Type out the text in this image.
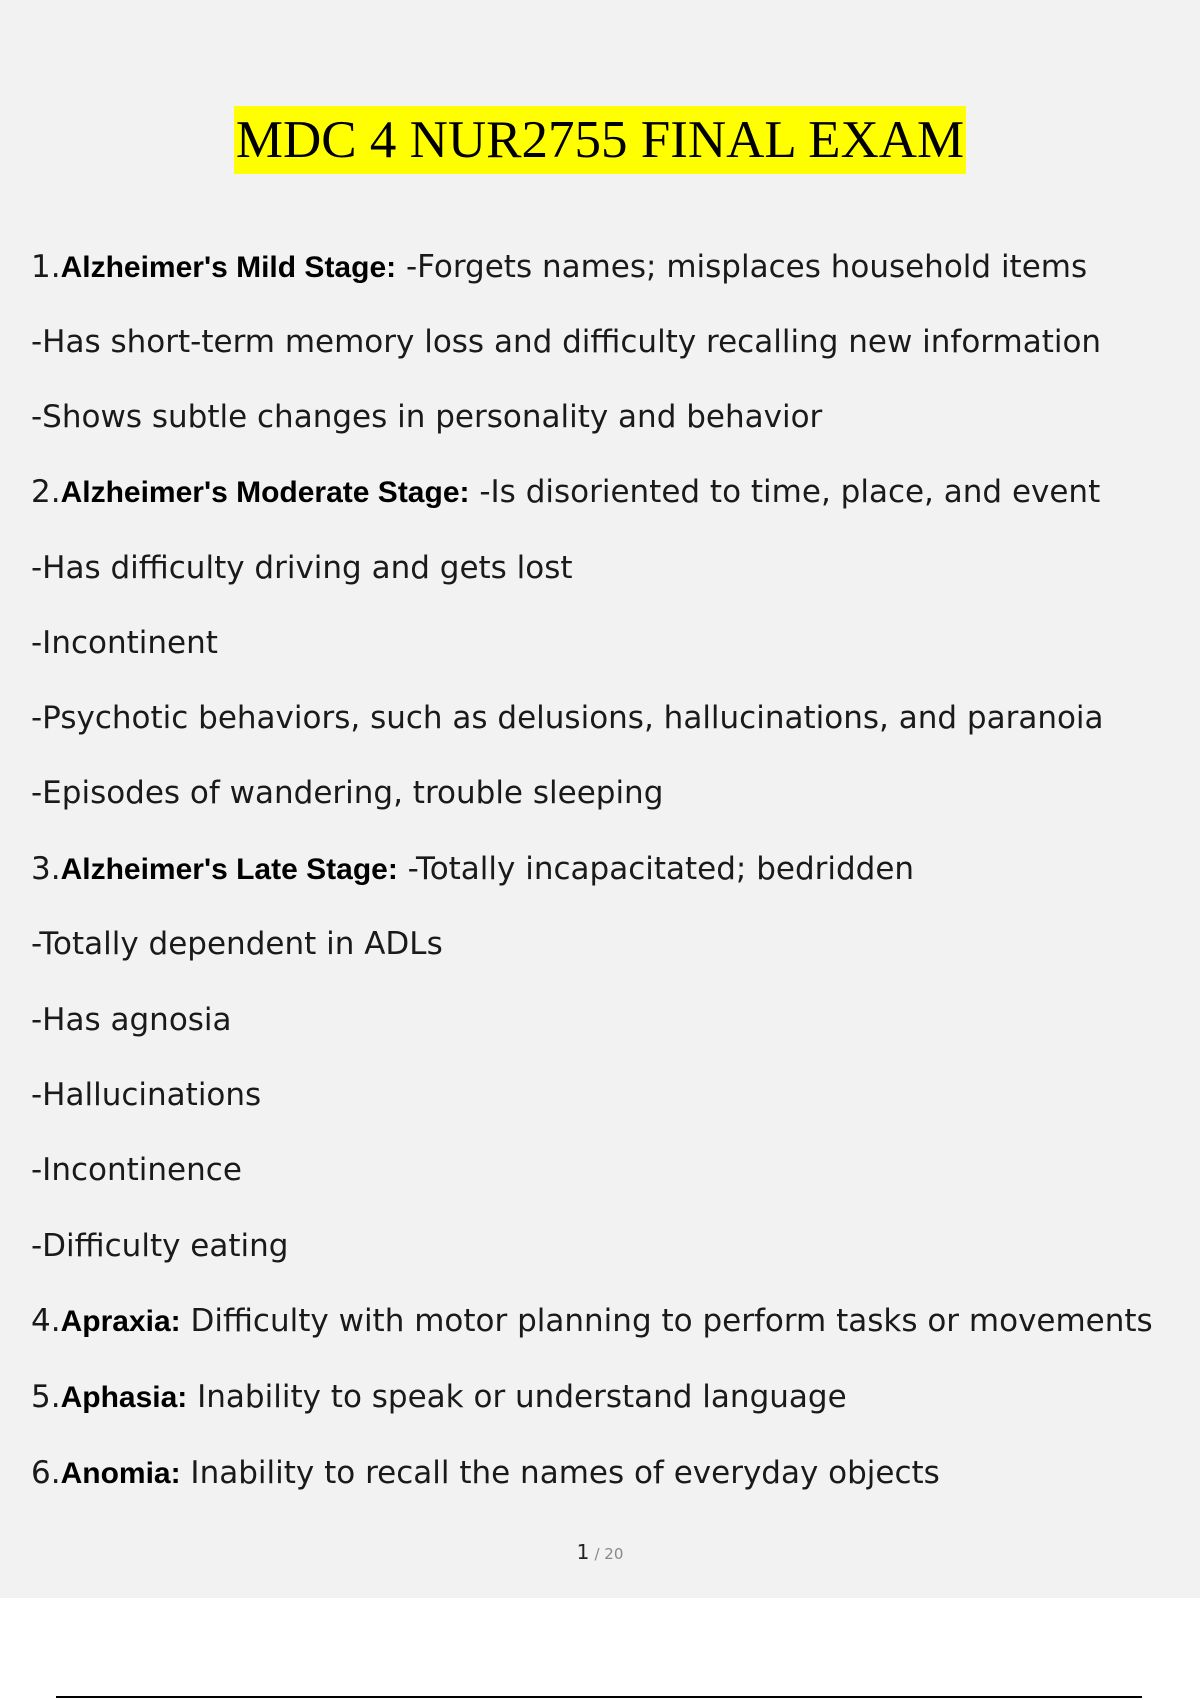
MDC 4 NUR2755 FINAL EXAM

1.Alzheimer's Mild Stage: -Forgets names; misplaces household items

-Has short-term memory loss and difficulty recalling new information

-Shows subtle changes in personality and behavior

2.Alzheimer's Moderate Stage: -Is disoriented to time, place, and event

-Has difficulty driving and gets lost

-Incontinent

-Psychotic behaviors, such as delusions, hallucinations, and paranoia

-Episodes of wandering, trouble sleeping

3.Alzheimer's Late Stage: -Totally incapacitated; bedridden

-Totally dependent in ADLs

-Has agnosia

-Hallucinations

-Incontinence

-Difficulty eating

4.Apraxia: Difficulty with motor planning to perform tasks or movements

5.Aphasia: Inability to speak or understand language

6.Anomia: Inability to recall the names of everyday objects

1 / 20
